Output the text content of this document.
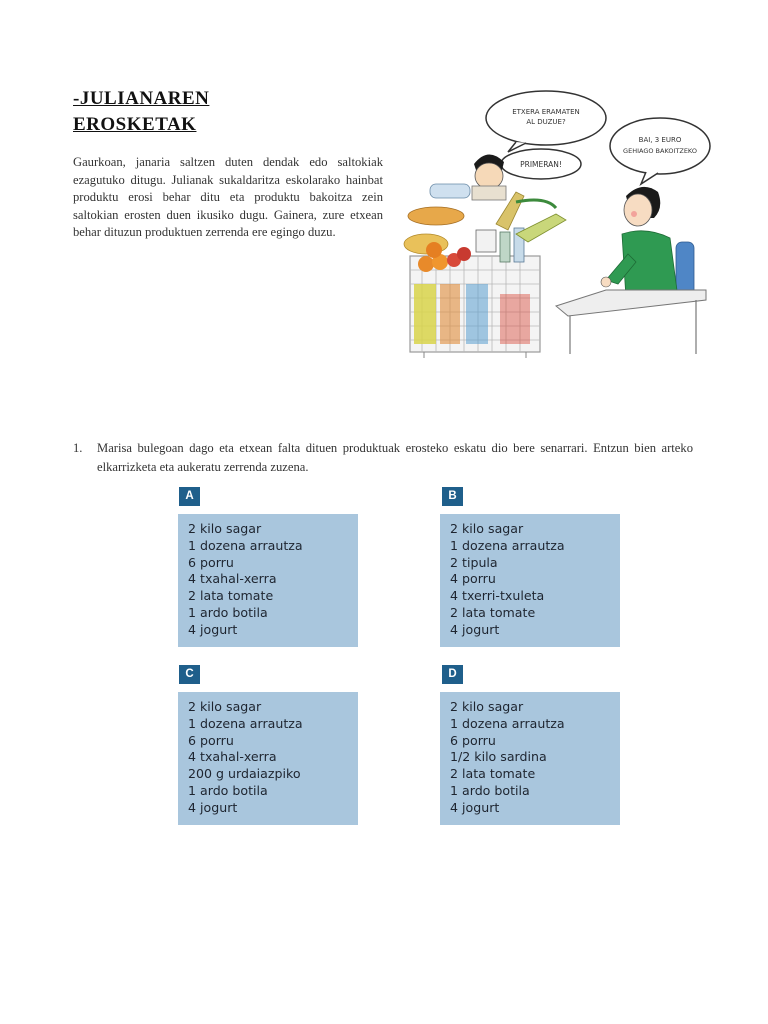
-JULIANAREN
EROSKETAK
Gaurkoan, janaria saltzen duten dendak edo saltokiak ezagutuko ditugu. Julianak sukaldaritza eskolarako hainbat produktu erosi behar ditu eta produktu bakoitza zein saltokian erosten duen ikusiko dugu. Gainera, zure etxean behar dituzun produktuen zerrenda ere egingo duzu.
ETXERA ERAMATEN
AL DUZUE?
PRIMERAN!
BAI, 3 EURO
GEHIAGO BAKOITZEKO
1. Marisa bulegoan dago eta etxean falta dituen produktuak erosteko eskatu dio bere senarrari. Entzun bien arteko elkarrizketa eta aukeratu zerrenda zuzena.
A
2 kilo sagar
1 dozena arrautza
6 porru
4 txahal-xerra
2 lata tomate
1 ardo botila
4 jogurt
B
2 kilo sagar
1 dozena arrautza
2 tipula
4 porru
4 txerri-txuleta
2 lata tomate
4 jogurt
C
2 kilo sagar
1 dozena arrautza
6 porru
4 txahal-xerra
200 g urdaiazpiko
1 ardo botila
4 jogurt
D
2 kilo sagar
1 dozena arrautza
6 porru
1/2 kilo sardina
2 lata tomate
1 ardo botila
4 jogurt
